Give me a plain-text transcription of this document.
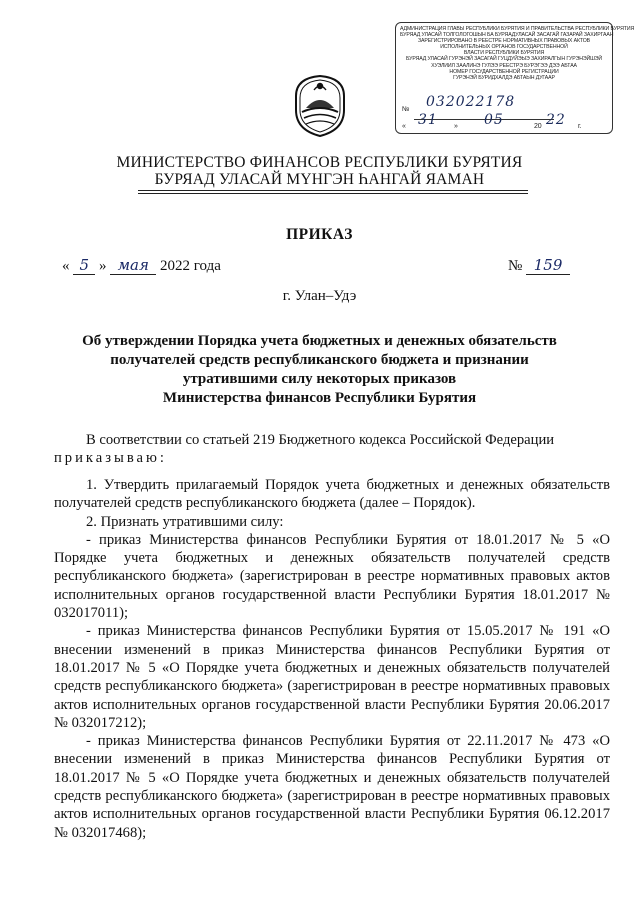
АДМИНИСТРАЦИЯ ГЛАВЫ РЕСПУБЛИКИ БУРЯТИЯ И ПРАВИТЕЛЬСТВА РЕСПУБЛИКИ БУРЯТИЯ
БУРЯАД УЛАСАЙ ТОЛГОЛОГОШЫН БА БУРЯАДУЛАСАЙ ЗАСАГАЙ ГАЗАРАЙ ЗАХИРГААН
ЗАРЕГИСТРИРОВАНО В РЕЕСТРЕ НОРМАТИВНЫХ ПРАВОВЫХ АКТОВ
ИСПОЛНИТЕЛЬНЫХ ОРГАНОВ ГОСУДАРСТВЕННОЙ
ВЛАСТИ РЕСПУБЛИКИ БУРЯТИЯ
БУРЯАД УЛАСАЙ ГУРЭНЭЙ ЗАСАГАЙ ГУЦДУЙЭЫЭ ЗАХИРАЛГЫН ГУРЭНЭЙШЭЙ
ХУЭЛИИЛ ЗААЛИНЭ ГУЛЭЭ РЕЕСТРЭ БУРЭГЭЭ ДЭЭ АБТАА
НОМЕР ГОСУДАРСТВЕННОЙ РЕГИСТРАЦИИ
ГУРЭНЭЙ БУРИДХАЛДЭ АБТАЫН ДУГААР
№ 032022178
« 31 » 05	20 22 г.
МИНИСТЕРСТВО ФИНАНСОВ РЕСПУБЛИКИ БУРЯТИЯ
БУРЯАД УЛАСАЙ МҮНГЭН ҺАНГАЙ ЯАМАН
ПРИКАЗ
« 5 » мая 2022 года	№ 159
г. Улан–Удэ
Об утверждении Порядка учета бюджетных и денежных обязательств
получателей средств республиканского бюджета и признании
утратившими силу некоторых приказов
Министерства финансов Республики Бурятия

В соответствии со статьей 219 Бюджетного кодекса Российской Федерации

приказываю:

1. Утвердить прилагаемый Порядок учета бюджетных и денежных обязательств получателей средств республиканского бюджета (далее – Порядок).

2. Признать утратившими силу:

- приказ Министерства финансов Республики Бурятия от 18.01.2017 № 5 «О Порядке учета бюджетных и денежных обязательств получателей средств республиканского бюджета» (зарегистрирован в реестре нормативных правовых актов исполнительных органов государственной власти Республики Бурятия 18.01.2017 № 032017011);

- приказ Министерства финансов Республики Бурятия от 15.05.2017 № 191 «О внесении изменений в приказ Министерства финансов Республики Бурятия от 18.01.2017 № 5 «О Порядке учета бюджетных и денежных обязательств получателей средств республиканского бюджета» (зарегистрирован в реестре нормативных правовых актов исполнительных органов государственной власти Республики Бурятия 20.06.2017 № 032017212);

- приказ Министерства финансов Республики Бурятия от 22.11.2017 № 473 «О внесении изменений в приказ Министерства финансов Республики Бурятия от 18.01.2017 № 5 «О Порядке учета бюджетных и денежных обязательств получателей средств республиканского бюджета» (зарегистрирован в реестре нормативных правовых актов исполнительных органов государственной власти Республики Бурятия 06.12.2017 № 032017468);
